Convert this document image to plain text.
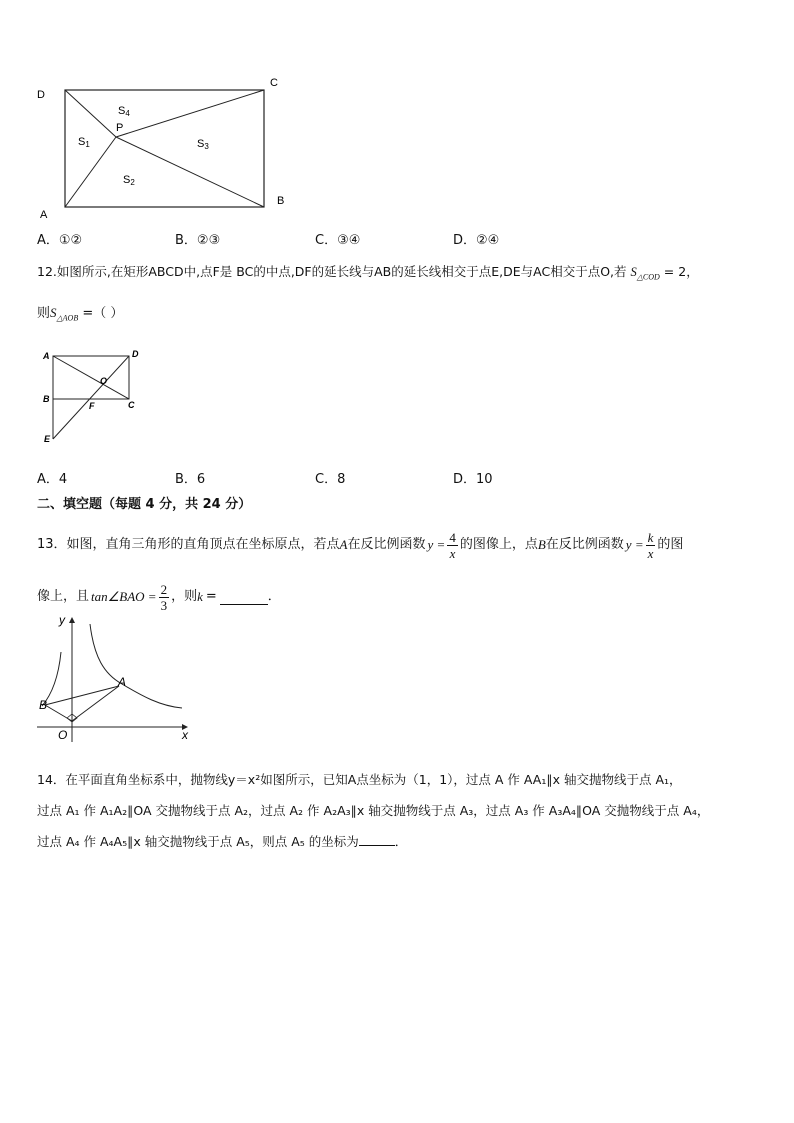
D
C
A
B
P
S4
S1	S3
S2
A．①②	B．②③	C．③④	D．②④
12.如图所示,在矩形ABCD中,点F是 BC的中点,DF的延长线与AB的延长线相交于点E,DE与AC相交于点O,若 $S_{\triangle COD} = 2$，
则$S_{\triangle AOB}$ =（ ）
A	D
O
B
F	C
E
A．4	B．6	C．8	D．10
二、填空题（每题 4 分，共 24 分）
13．如图，直角三角形的直角顶点在坐标原点，若点 A 在反比例函数 $y = \frac{4}{x}$ 的图像上，点 B 在反比例函数 $y = \frac{k}{x}$ 的图
像上，且 tan∠BAO = $\frac{2}{3}$ ，则 k =	．
y
x
A
B
O
14．在平面直角坐标系中，抛物线y＝x²如图所示，已知A点坐标为（1，1），过点 A 作 AA₁∥x 轴交抛物线于点 A₁，
过点 A₁ 作 A₁A₂∥OA 交抛物线于点 A₂，过点 A₂ 作 A₂A₃∥x 轴交抛物线于点 A₃，过点 A₃ 作 A₃A₄∥OA 交抛物线于点 A₄，
过点 A₄ 作 A₄A₅∥x 轴交抛物线于点 A₅，则点 A₅ 的坐标为	．
